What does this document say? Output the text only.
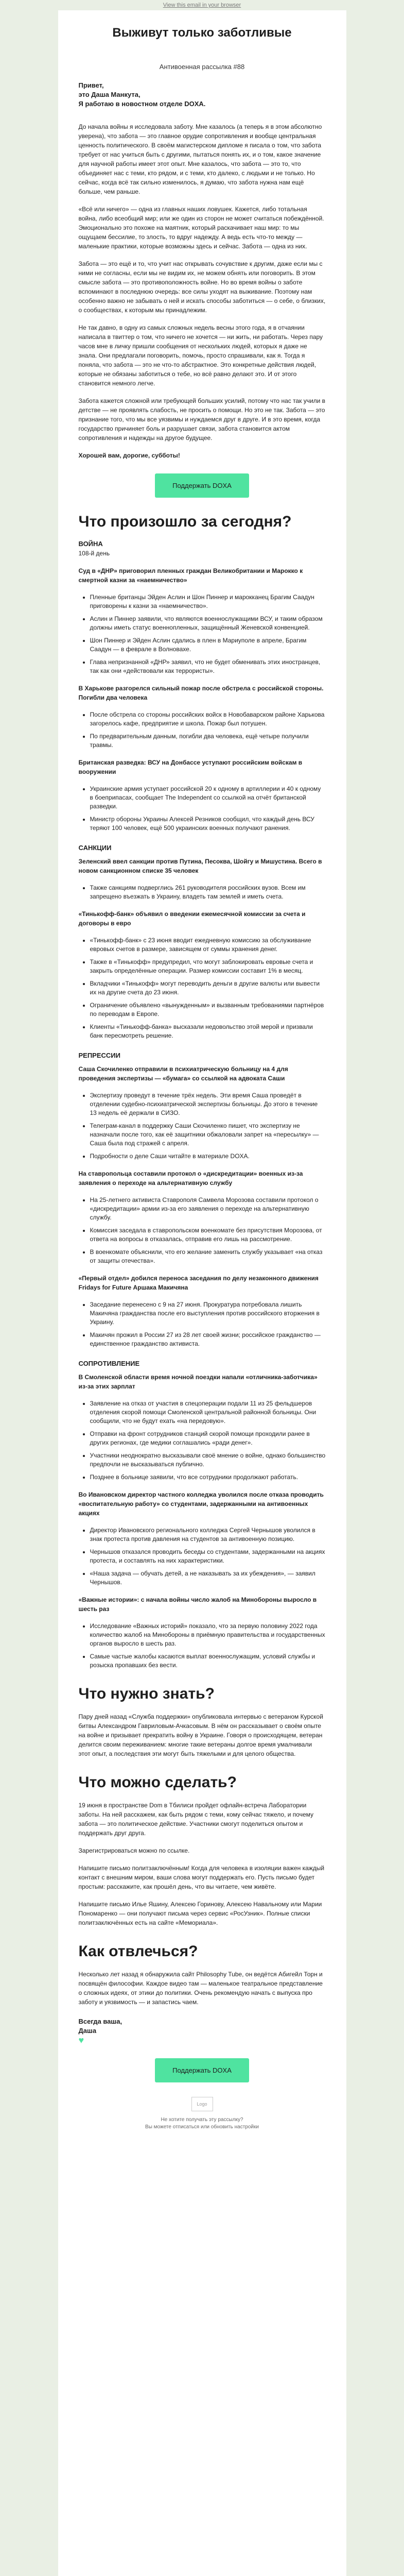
View this email in your browser
Выживут только заботливые
Антивоенная рассылка #88

Привет,

это Даша Манкута,

Я работаю в новостном отделе DOXA.

До начала войны я исследовала заботу. Мне казалось (а теперь я в этом абсолютно уверена), что забота — это главное орудие сопротивления и вообще центральная ценность политического. В своём магистерском дипломе я писала о том, что забота требует от нас учиться быть с другими, пытаться понять их, и о том, какое значение для научной работы имеет этот опыт. Мне казалось, что забота — это то, что объединяет нас с теми, кто рядом, и с теми, кто далеко, с людьми и не только. Но сейчас, когда всё так сильно изменилось, я думаю, что забота нужна нам ещё больше, чем раньше.

«Всё или ничего» — одна из главных наших ловушек. Кажется, либо тотальная война, либо всеобщий мир; или же один из сторон не может считаться побеждённой. Эмоционально это похоже на маятник, который раскачивает наш мир: то мы ощущаем бессилие, то злость, то вдруг надежду. А ведь есть что-то между — маленькие практики, которые возможны здесь и сейчас. Забота — одна из них.

Забота — это ещё и то, что учит нас открывать сочувствие к другим, даже если мы с ними не согласны, если мы не видим их, не можем обнять или поговорить. В этом смысле забота — это противоположность войне. Но во время войны о заботе вспоминают в последнюю очередь: все силы уходят на выживание. Поэтому нам особенно важно не забывать о ней и искать способы заботиться — о себе, о близких, о сообществах, к которым мы принадлежим.

Не так давно, в одну из самых сложных недель весны этого года, я в отчаянии написала в твиттер о том, что ничего не хочется — ни жить, ни работать. Через пару часов мне в личку пришли сообщения от нескольких людей, которых я даже не знала. Они предлагали поговорить, помочь, просто спрашивали, как я. Тогда я поняла, что забота — это не что-то абстрактное. Это конкретные действия людей, которые не обязаны заботиться о тебе, но всё равно делают это. И от этого становится немного легче.

Забота кажется сложной или требующей больших усилий, потому что нас так учили в детстве — не проявлять слабость, не просить о помощи. Но это не так. Забота — это признание того, что мы все уязвимы и нуждаемся друг в друге. И в это время, когда государство причиняет боль и разрушает связи, забота становится актом сопротивления и надежды на другое будущее.

Хорошей вам, дорогие, субботы!

Поддержать DOXA
Что произошло за сегодня?
ВОЙНА
108-й день

Суд в «ДНР» приговорил пленных граждан Великобритании и Марокко к смертной казни за «наемничество»

• Пленные британцы Эйден Аслин и Шон Пиннер и марокканец Брагим Саадун приговорены к казни за «наемничество».
• Аслин и Пиннер заявили, что являются военнослужащими ВСУ, и таким образом должны иметь статус военнопленных, защищённый Женевской конвенцией.
• Шон Пиннер и Эйден Аслин сдались в плен в Мариуполе в апреле, Брагим Саадун — в феврале в Волновахе.
• Глава непризнанной «ДНР» заявил, что не будет обменивать этих иностранцев, так как они «действовали как террористы».

В Харькове разгорелся сильный пожар после обстрела с российской стороны. Погибли два человека

• После обстрела со стороны российских войск в Новобаварском районе Харькова загорелось кафе, предприятие и школа. Пожар был потушен.
• По предварительным данным, погибли два человека, ещё четыре получили травмы.

Британская разведка: ВСУ на Донбассе уступают российским войскам в вооружении

• Украинские армия уступает российской 20 к одному в артиллерии и 40 к одному в боеприпасах, сообщает The Independent со ссылкой на отчёт британской разведки.
• Министр обороны Украины Алексей Резников сообщил, что каждый день ВСУ теряют 100 человек, ещё 500 украинских военных получают ранения.
САНКЦИИ

Зеленский ввел санкции против Путина, Песоква, Шойгу и Мишустина. Всего в новом санкционном списке 35 человек

• Также санкциям подверглись 261 руководителя российских вузов. Всем им запрещено въезжать в Украину, владеть там землей и иметь счета.

«Тинькофф-банк» объявил о введении ежемесячной комиссии за счета и договоры в евро

• «Тинькофф-банк» с 23 июня вводит ежедневную комиссию за обслуживание евровых счетов в размере, зависящем от суммы хранения денег.
• Также в «Тинькофф» предупредил, что могут заблокировать евровые счета и закрыть определённые операции. Размер комиссии составит 1% в месяц.
• Вкладчики «Тинькофф» могут переводить деньги в другие валюты или вывести их на другие счета до 23 июня.
• Ограничение объявлено «вынужденным» и вызванным требованиями партнёров по переводам в Европе.
• Клиенты «Тинькофф-банка» высказали недовольство этой мерой и призвали банк пересмотреть решение.
РЕПРЕССИИ

Саша Скочиленко отправили в психиатрическую больницу на 4 для проведения экспертизы — «бумага» со ссылкой на адвоката Саши

• Экспертизу проведут в течение трёх недель. Эти время Саша проведёт в отделении судебно-психиатрической экспертизы больницы. До этого в течение 13 недель её держали в СИЗО.
• Телеграм-канал в поддержку Саши Скочиленко пишет, что экспертизу не назначали после того, как её защитники обжаловали запрет на «пересылку» — Саша была под стражей с апреля.
• Подробности о деле Саши читайте в материале DOXA.

На ставропольца составили протокол о «дискредитации» военных из-за заявления о переходе на альтернативную службу

• На 25-летнего активиста Ставрополя Самвела Морозова составили протокол о «дискредитации» армии из-за его заявления о переходе на альтернативную службу.
• Комиссия заседала в ставропольском военкомате без присутствия Морозова, от ответа на вопросы в отказалась, отправив его лишь на рассмотрение.
• В военкомате объяснили, что его желание заменить службу указывает «на отказ от защиты отечества».

«Первый отдел» добился переноса заседания по делу незаконного движения Fridays for Future Аршака Макичяна

• Заседание перенесено с 9 на 27 июня. Прокуратура потребовала лишить Макичяна гражданства после его выступления против российского вторжения в Украину.
• Макичян прожил в России 27 из 28 лет своей жизни; российское гражданство — единственное гражданство активиста.
СОПРОТИВЛЕНИЕ

В Смоленской области время ночной поездки напали «отличника-заботчика» из-за этих зарплат

• Заявление на отказ от участия в спецоперации подали 11 из 25 фельдшеров отделения скорой помощи Смоленской центральной районной больницы. Они сообщили, что не будут ехать «на передовую».
• Отправки на фронт сотрудников станций скорой помощи проходили ранее в других регионах, где медики соглашались «ради денег».
• Участники неоднократно высказывали своё мнение о войне, однако большинство предпочли не высказываться публично.
• Позднее в больнице заявили, что все сотрудники продолжают работать.

Во Ивановском директор частного колледжа уволился после отказа проводить «воспитательную работу» со студентами, задержанными на антивоенных акциях

• Директор Ивановского регионального колледжа Сергей Чернышов уволился в знак протеста против давления на студентов за антивоенную позицию.
• Чернышов отказался проводить беседы со студентами, задержанными на акциях протеста, и составлять на них характеристики.
• «Наша задача — обучать детей, а не наказывать за их убеждения», — заявил Чернышов.

«Важные истории»: с начала войны число жалоб на Минобороны выросло в шесть раз

• Исследование «Важных историй» показало, что за первую половину 2022 года количество жалоб на Минобороны в приёмную правительства и государственных органов выросло в шесть раз.
• Самые частые жалобы касаются выплат военнослужащим, условий службы и розыска пропавших без вести.
Что нужно знать?

Пару дней назад «Служба поддержки» опубликовала интервью с ветераном Курской битвы Александром Гавриловым-Ачкасовым. В нём он рассказывает о своём опыте на войне и призывает прекратить войну в Украине. Говоря о происходящем, ветеран делится своим переживанием: многие такие ветераны долгое время умалчивали этот опыт, а последствия эти могут быть тяжелыми и для целого общества.

Что можно сделать?

19 июня в пространстве Dom в Тбилиси пройдет офлайн-встреча Лаборатории заботы. На ней расскажем, как быть рядом с теми, кому сейчас тяжело, и почему забота — это политическое действие. Участники смогут поделиться опытом и поддержать друг друга.

Зарегистрироваться можно по ссылке.

Напишите письмо политзаключённым! Когда для человека в изоляции важен каждый контакт с внешним миром, ваши слова могут поддержать его. Пусть письмо будет простым: расскажите, как прошёл день, что вы читаете, чем живёте.

Напишите письмо Илье Яшину, Алексею Горинову, Алексею Навальному или Марии Пономаренко — они получают письма через сервис «РосУзник». Полные списки политзаключённых есть на сайте «Мемориала».

Как отвлечься?

Несколько лет назад я обнаружила сайт Philosophy Tube, он ведётся Абигейл Торн и посвящён философии. Каждое видео там — маленькое театральное представление о сложных идеях, от этики до политики. Очень рекомендую начать с выпуска про заботу и уязвимость — и запастись чаем.

Всегда ваша,
Даша
♥
Поддержать DOXA
Logo
Не хотите получать эту рассылку?
Вы можете отписаться или обновить настройки
